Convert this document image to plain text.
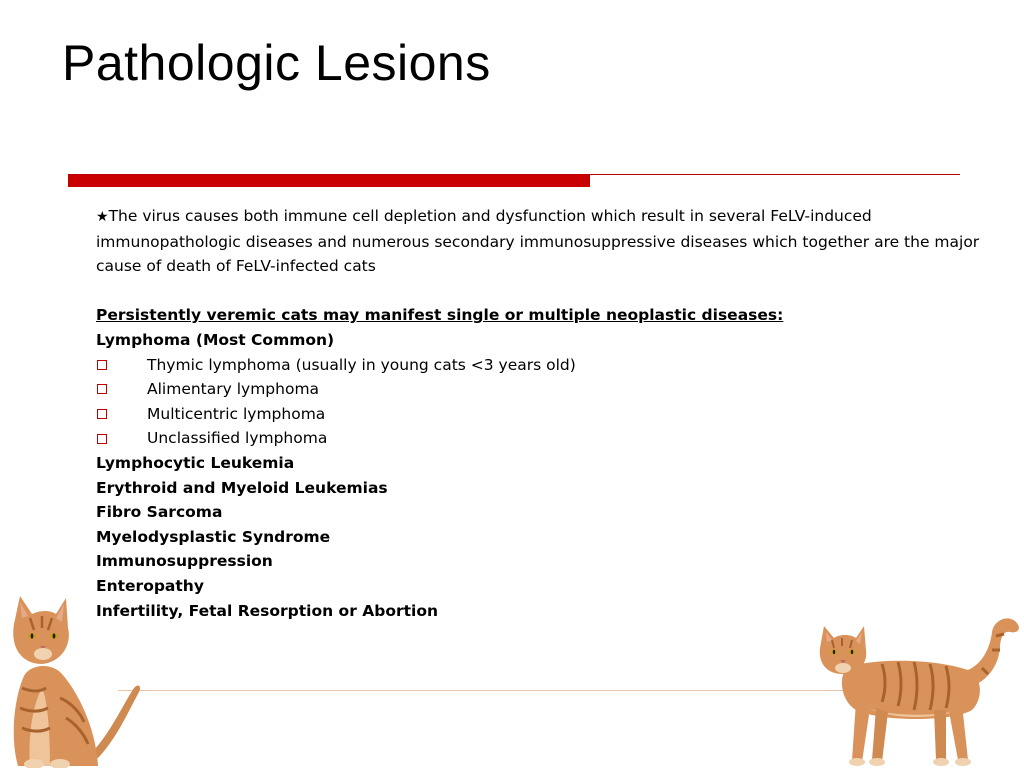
Pathologic Lesions

★The virus causes both immune cell depletion and dysfunction which result in several FeLV-induced immunopathologic diseases and numerous secondary immunosuppressive diseases which together are the major cause of death of FeLV-infected cats

Persistently veremic cats may manifest single or multiple neoplastic diseases:
Lymphoma (Most Common)
Thymic lymphoma (usually in young cats <3 years old)
Alimentary lymphoma
Multicentric lymphoma
Unclassified lymphoma
Lymphocytic Leukemia
Erythroid and Myeloid Leukemias
Fibro Sarcoma
Myelodysplastic Syndrome
Immunosuppression
Enteropathy
Infertility, Fetal Resorption or Abortion
